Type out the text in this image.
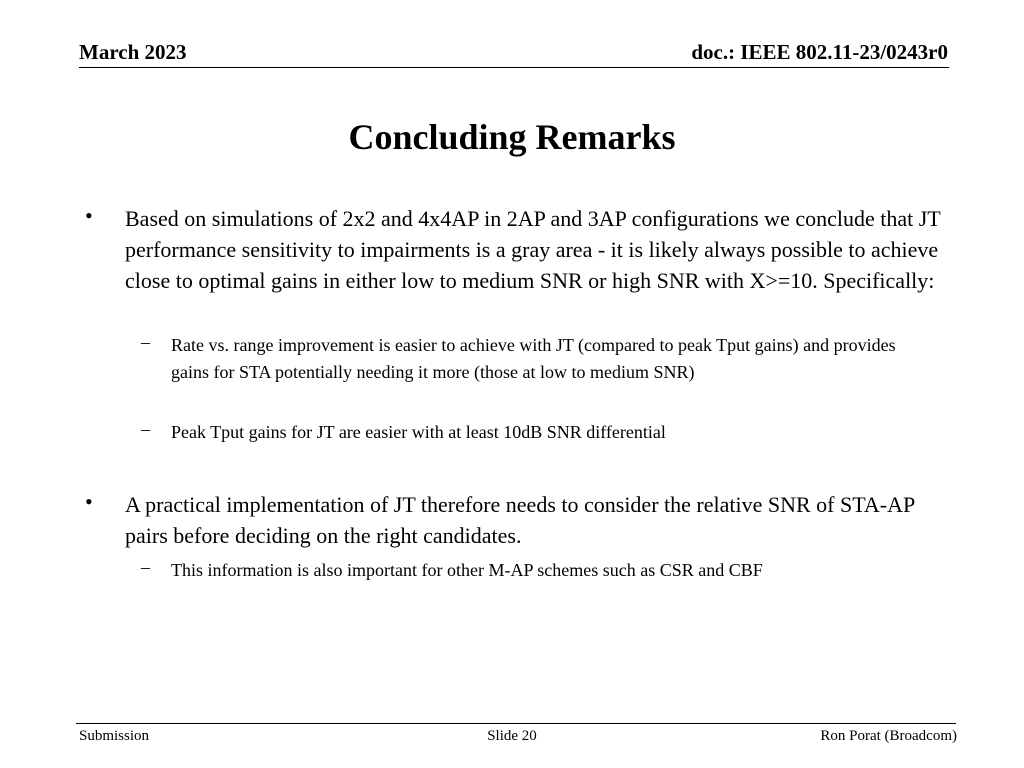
March 2023	doc.: IEEE 802.11-23/0243r0
Concluding Remarks
• Based on simulations of 2x2 and 4x4AP in 2AP and 3AP configurations we conclude that JT performance sensitivity to impairments is a gray area - it is likely always possible to achieve close to optimal gains in either low to medium SNR or high SNR with X>=10. Specifically:
– Rate vs. range improvement is easier to achieve with JT (compared to peak Tput gains) and provides gains for STA potentially needing it more (those at low to medium SNR)
– Peak Tput gains for JT are easier with at least 10dB SNR differential
• A practical implementation of JT therefore needs to consider the relative SNR of STA-AP pairs before deciding on the right candidates.
– This information is also important for other M-AP schemes such as CSR and CBF
Submission	Slide 20	Ron Porat (Broadcom)
